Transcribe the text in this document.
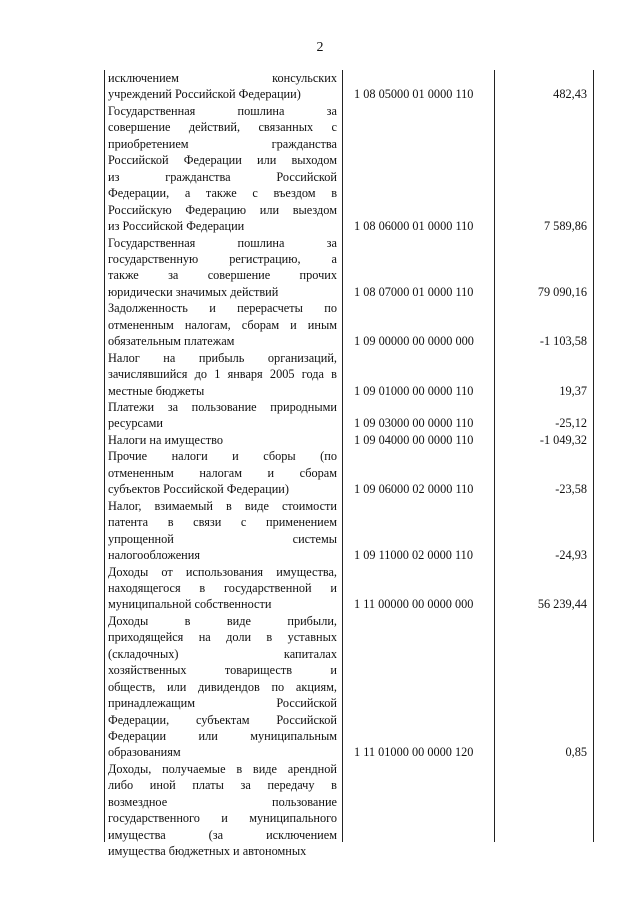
2
исключением консульских
учреждений Российской Федерации)	1 08 05000 01 0000 110	482,43
Государственная пошлина за
совершение действий, связанных с
приобретением гражданства
Российской Федерации или выходом
из гражданства Российской
Федерации, а также с въездом в
Российскую Федерацию или выездом
из Российской Федерации	1 08 06000 01 0000 110	7 589,86
Государственная пошлина за
государственную регистрацию, а
также за совершение прочих
юридически значимых действий	1 08 07000 01 0000 110	79 090,16
Задолженность и перерасчеты по
отмененным налогам, сборам и иным
обязательным платежам	1 09 00000 00 0000 000	-1 103,58
Налог на прибыль организаций,
зачислявшийся до 1 января 2005 года в
местные бюджеты	1 09 01000 00 0000 110	19,37
Платежи за пользование природными
ресурсами	1 09 03000 00 0000 110	-25,12
Налоги на имущество	1 09 04000 00 0000 110	-1 049,32
Прочие налоги и сборы (по
отмененным налогам и сборам
субъектов Российской Федерации)	1 09 06000 02 0000 110	-23,58
Налог, взимаемый в виде стоимости
патента в связи с применением
упрощенной системы
налогообложения	1 09 11000 02 0000 110	-24,93
Доходы от использования имущества,
находящегося в государственной и
муниципальной собственности	1 11 00000 00 0000 000	56 239,44
Доходы в виде прибыли,
приходящейся на доли в уставных
(складочных) капиталах
хозяйственных товариществ и
обществ, или дивидендов по акциям,
принадлежащим Российской
Федерации, субъектам Российской
Федерации или муниципальным
образованиям	1 11 01000 00 0000 120	0,85
Доходы, получаемые в виде арендной
либо иной платы за передачу в
возмездное пользование
государственного и муниципального
имущества (за исключением
имущества бюджетных и автономных
